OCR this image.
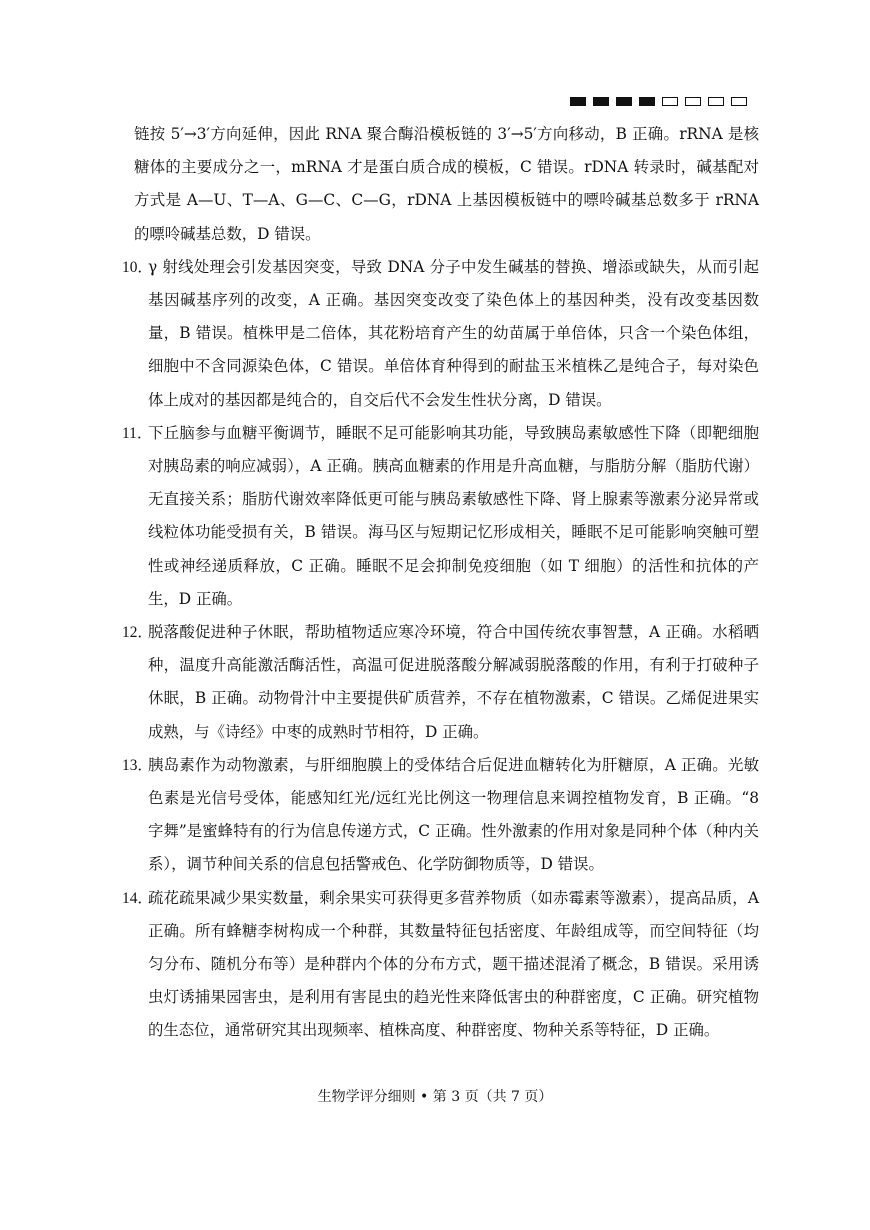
链按 5′→3′方向延伸，因此 RNA 聚合酶沿模板链的 3′→5′方向移动，B 正确。rRNA 是核糖体的主要成分之一，mRNA 才是蛋白质合成的模板，C 错误。rDNA 转录时，碱基配对方式是 A—U、T—A、G—C、C—G，rDNA 上基因模板链中的嘌呤碱基总数多于 rRNA 的嘌呤碱基总数，D 错误。

10．
γ 射线处理会引发基因突变，导致 DNA 分子中发生碱基的替换、增添或缺失，从而引起基因碱基序列的改变，A 正确。基因突变改变了染色体上的基因种类，没有改变基因数量，B 错误。植株甲是二倍体，其花粉培育产生的幼苗属于单倍体，只含一个染色体组，细胞中不含同源染色体，C 错误。单倍体育种得到的耐盐玉米植株乙是纯合子，每对染色体上成对的基因都是纯合的，自交后代不会发生性状分离，D 错误。
11．
下丘脑参与血糖平衡调节，睡眠不足可能影响其功能，导致胰岛素敏感性下降（即靶细胞对胰岛素的响应减弱），A 正确。胰高血糖素的作用是升高血糖，与脂肪分解（脂肪代谢）无直接关系；脂肪代谢效率降低更可能与胰岛素敏感性下降、肾上腺素等激素分泌异常或线粒体功能受损有关，B 错误。海马区与短期记忆形成相关，睡眠不足可能影响突触可塑性或神经递质释放，C 正确。睡眠不足会抑制免疫细胞（如 T 细胞）的活性和抗体的产生，D 正确。
12．
脱落酸促进种子休眠，帮助植物适应寒冷环境，符合中国传统农事智慧，A 正确。水稻晒种，温度升高能激活酶活性，高温可促进脱落酸分解减弱脱落酸的作用，有利于打破种子休眠，B 正确。动物骨汁中主要提供矿质营养，不存在植物激素，C 错误。乙烯促进果实成熟，与《诗经》中枣的成熟时节相符，D 正确。
13．
胰岛素作为动物激素，与肝细胞膜上的受体结合后促进血糖转化为肝糖原，A 正确。光敏色素是光信号受体，能感知红光/远红光比例这一物理信息来调控植物发育，B 正确。“8 字舞”是蜜蜂特有的行为信息传递方式，C 正确。性外激素的作用对象是同种个体（种内关系），调节种间关系的信息包括警戒色、化学防御物质等，D 错误。
14．
疏花疏果减少果实数量，剩余果实可获得更多营养物质（如赤霉素等激素），提高品质，A 正确。所有蜂糖李树构成一个种群，其数量特征包括密度、年龄组成等，而空间特征（均匀分布、随机分布等）是种群内个体的分布方式，题干描述混淆了概念，B 错误。采用诱虫灯诱捕果园害虫，是利用有害昆虫的趋光性来降低害虫的种群密度，C 正确。研究植物的生态位，通常研究其出现频率、植株高度、种群密度、物种关系等特征，D 正确。
生物学评分细则 • 第 3 页（共 7 页）
